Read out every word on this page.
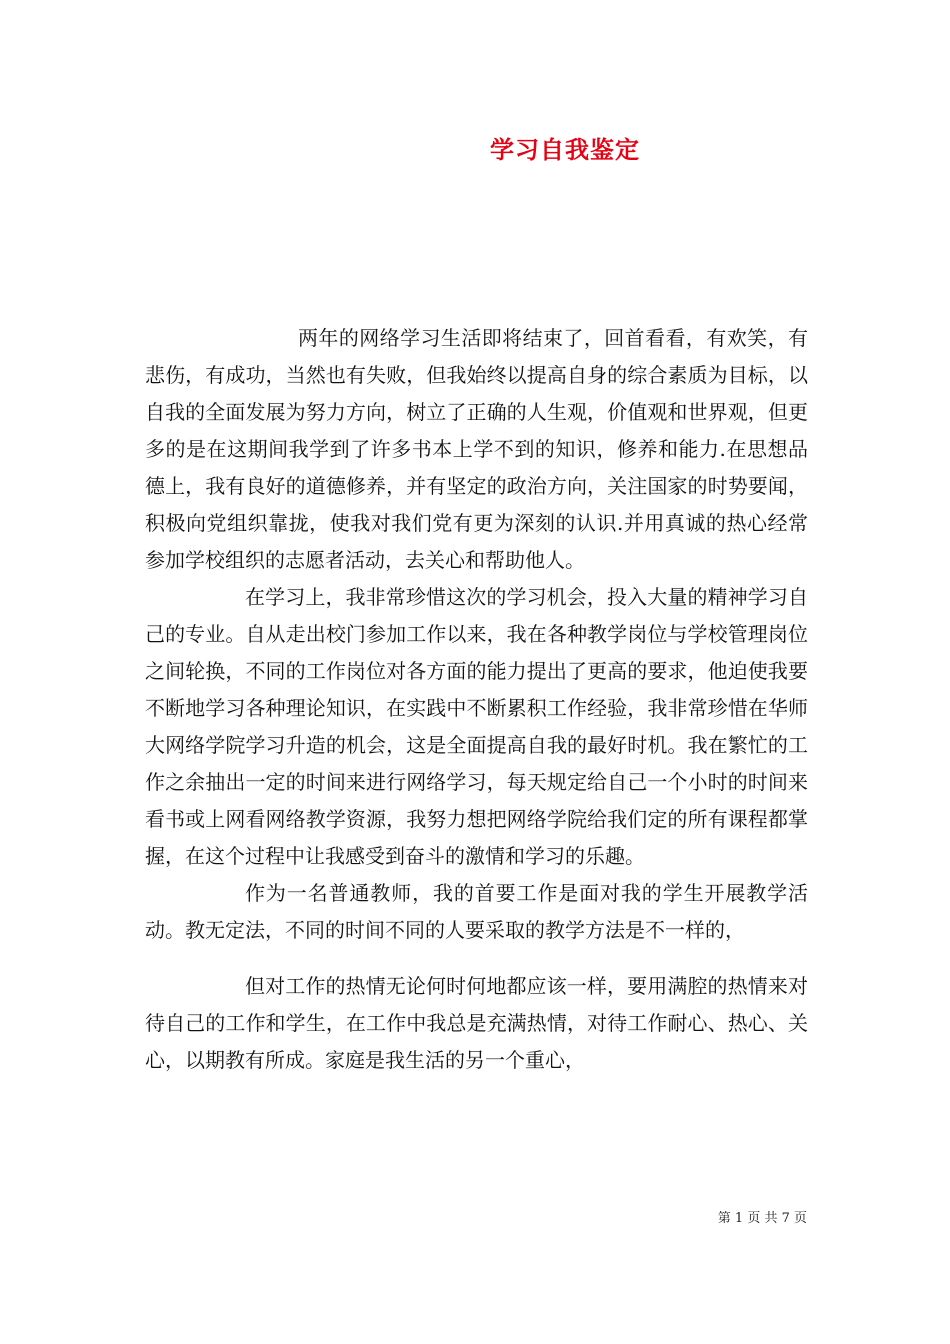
学习自我鉴定

两年的网络学习生活即将结束了，回首看看，有欢笑，有悲伤，有成功，当然也有失败，但我始终以提高自身的综合素质为目标，以自我的全面发展为努力方向，树立了正确的人生观，价值观和世界观，但更多的是在这期间我学到了许多书本上学不到的知识，修养和能力.在思想品德上，我有良好的道德修养，并有坚定的政治方向，关注国家的时势要闻，积极向党组织靠拢，使我对我们党有更为深刻的认识.并用真诚的热心经常参加学校组织的志愿者活动，去关心和帮助他人。

在学习上，我非常珍惜这次的学习机会，投入大量的精神学习自己的专业。自从走出校门参加工作以来，我在各种教学岗位与学校管理岗位之间轮换，不同的工作岗位对各方面的能力提出了更高的要求，他迫使我要不断地学习各种理论知识，在实践中不断累积工作经验，我非常珍惜在华师大网络学院学习升造的机会，这是全面提高自我的最好时机。我在繁忙的工作之余抽出一定的时间来进行网络学习，每天规定给自己一个小时的时间来看书或上网看网络教学资源，我努力想把网络学院给我们定的所有课程都掌握，在这个过程中让我感受到奋斗的激情和学习的乐趣。

作为一名普通教师，我的首要工作是面对我的学生开展教学活动。教无定法，不同的时间不同的人要采取的教学方法是不一样的，

但对工作的热情无论何时何地都应该一样，要用满腔的热情来对待自己的工作和学生，在工作中我总是充满热情，对待工作耐心、热心、关心，以期教有所成。家庭是我生活的另一个重心，

第 1 页 共 7 页
